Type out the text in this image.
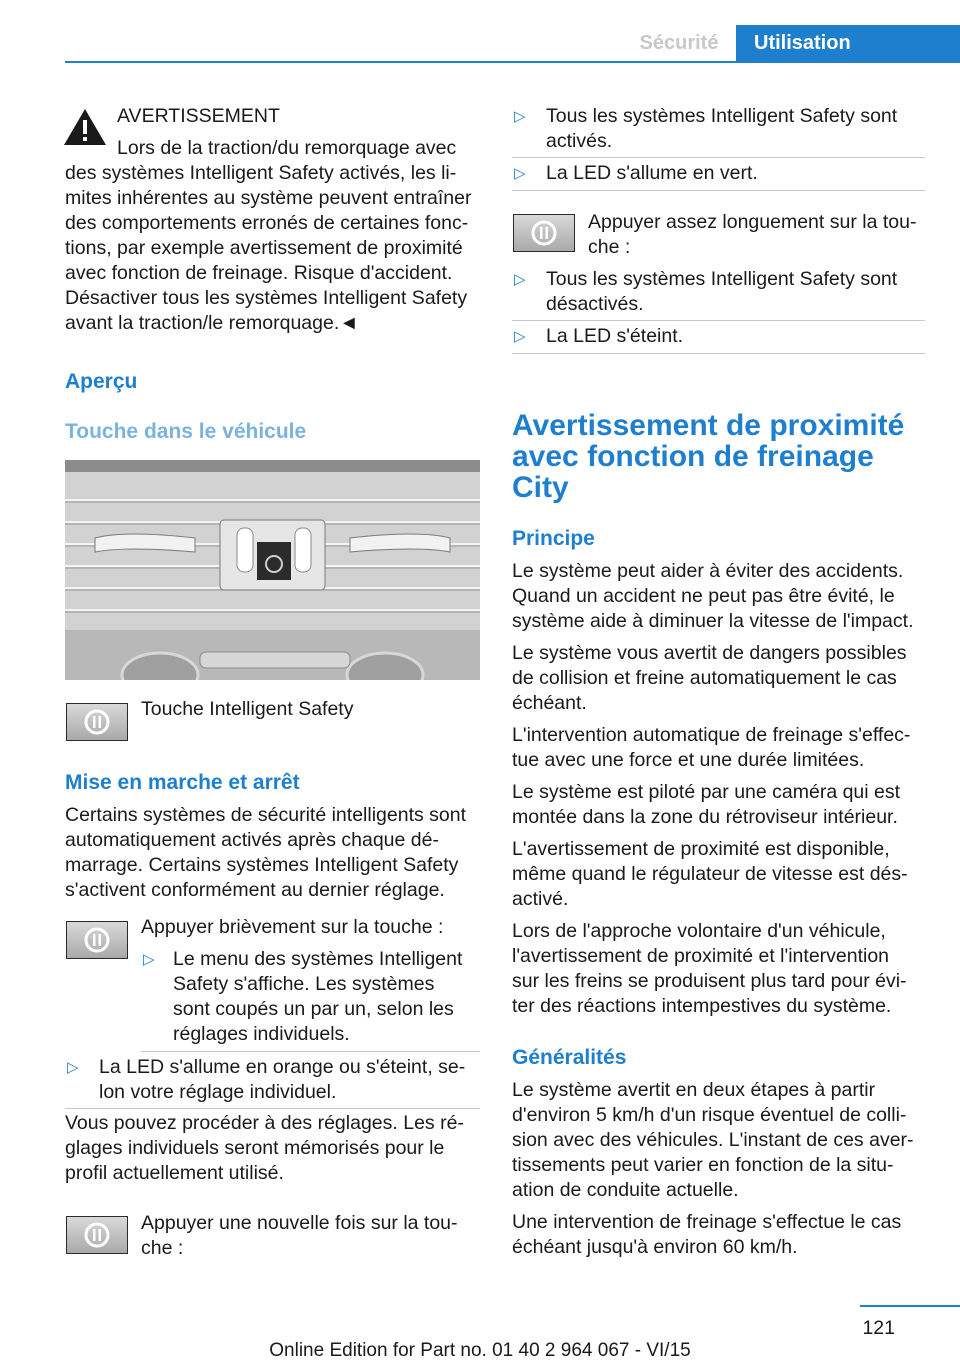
Sécurité	Utilisation
AVERTISSEMENT
Lors de la traction/du remorquage avec
des systèmes Intelligent Safety activés, les li-
mites inhérentes au système peuvent entraîner
des comportements erronés de certaines fonc-
tions, par exemple avertissement de proximité
avec fonction de freinage. Risque d'accident.
Désactiver tous les systèmes Intelligent Safety
avant la traction/le remorquage.◄
Aperçu
Touche dans le véhicule
Touche Intelligent Safety
Mise en marche et arrêt
Certains systèmes de sécurité intelligents sont
automatiquement activés après chaque dé-
marrage. Certains systèmes Intelligent Safety
s'activent conformément au dernier réglage.
Appuyer brièvement sur la touche :
▷ Le menu des systèmes Intelligent
Safety s'affiche. Les systèmes
sont coupés un par un, selon les
réglages individuels.
▷ La LED s'allume en orange ou s'éteint, se-
lon votre réglage individuel.
Vous pouvez procéder à des réglages. Les ré-
glages individuels seront mémorisés pour le
profil actuellement utilisé.
Appuyer une nouvelle fois sur la tou-
che :
▷ Tous les systèmes Intelligent Safety sont
activés.
▷ La LED s'allume en vert.
Appuyer assez longuement sur la tou-
che :
▷ Tous les systèmes Intelligent Safety sont
désactivés.
▷ La LED s'éteint.
Avertissement de proximité
avec fonction de freinage
City
Principe
Le système peut aider à éviter des accidents.
Quand un accident ne peut pas être évité, le
système aide à diminuer la vitesse de l'impact.
Le système vous avertit de dangers possibles
de collision et freine automatiquement le cas
échéant.
L'intervention automatique de freinage s'effec-
tue avec une force et une durée limitées.
Le système est piloté par une caméra qui est
montée dans la zone du rétroviseur intérieur.
L'avertissement de proximité est disponible,
même quand le régulateur de vitesse est dés-
activé.
Lors de l'approche volontaire d'un véhicule,
l'avertissement de proximité et l'intervention
sur les freins se produisent plus tard pour évi-
ter des réactions intempestives du système.
Généralités
Le système avertit en deux étapes à partir
d'environ 5 km/h d'un risque éventuel de colli-
sion avec des véhicules. L'instant de ces aver-
tissements peut varier en fonction de la situ-
ation de conduite actuelle.
Une intervention de freinage s'effectue le cas
échéant jusqu'à environ 60 km/h.
121
Online Edition for Part no. 01 40 2 964 067 - VI/15
